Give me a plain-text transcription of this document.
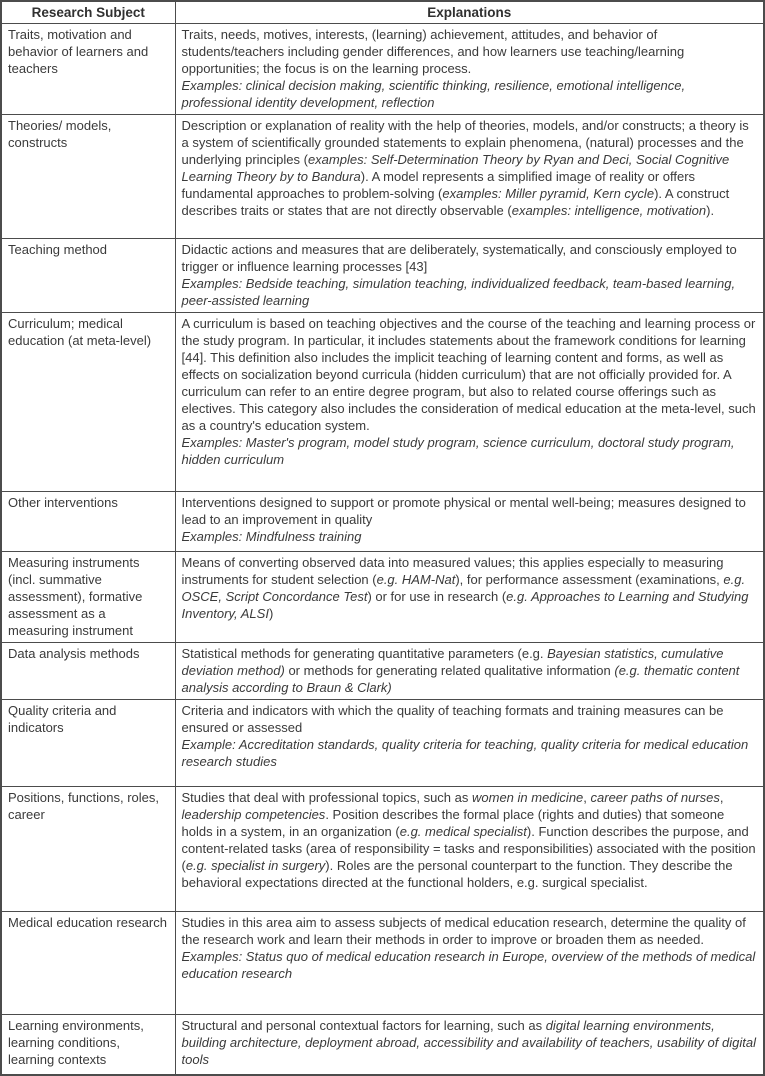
Research Subject	Explanations
Traits, motivation and behavior of learners and teachers	Traits, needs, motives, interests, (learning) achievement, attitudes, and behavior of students/teachers including gender differences, and how learners use teaching/learning opportunities; the focus is on the learning process.
Examples: clinical decision making, scientific thinking, resilience, emotional intelligence, professional identity development, reflection

Theories/ models, constructs	Description or explanation of reality with the help of theories, models, and/or constructs; a theory is a system of scientifically grounded statements to explain phenomena, (natural) processes and the underlying principles (examples: Self-Determination Theory by Ryan and Deci, Social Cognitive Learning Theory by to Bandura). A model represents a simplified image of reality or offers fundamental approaches to problem-solving (examples: Miller pyramid, Kern cycle). A construct describes traits or states that are not directly observable (examples: intelligence, motivation).

Teaching method	Didactic actions and measures that are deliberately, systematically, and consciously employed to trigger or influence learning processes [43]
Examples: Bedside teaching, simulation teaching, individualized feedback, team-based learning, peer-assisted learning

Curriculum; medical education (at meta-level)	A curriculum is based on teaching objectives and the course of the teaching and learning process or the study program. In particular, it includes statements about the framework conditions for learning [44]. This definition also includes the implicit teaching of learning content and forms, as well as effects on socialization beyond curricula (hidden curriculum) that are not officially provided for. A curriculum can refer to an entire degree program, but also to related course offerings such as electives. This category also includes the consideration of medical education at the meta-level, such as a country's education system.
Examples: Master's program, model study program, science curriculum, doctoral study program, hidden curriculum

Other interventions	Interventions designed to support or promote physical or mental well-being; measures designed to lead to an improvement in quality
Examples: Mindfulness training

Measuring instruments (incl. summative assessment), formative assessment as a measuring instrument	Means of converting observed data into measured values; this applies especially to measuring instruments for student selection (e.g. HAM-Nat), for performance assessment (examinations, e.g. OSCE, Script Concordance Test) or for use in research (e.g. Approaches to Learning and Studying Inventory, ALSI)

Data analysis methods	Statistical methods for generating quantitative parameters (e.g. Bayesian statistics, cumulative deviation method) or methods for generating related qualitative information (e.g. thematic content analysis according to Braun & Clark)

Quality criteria and indicators	Criteria and indicators with which the quality of teaching formats and training measures can be ensured or assessed
Example: Accreditation standards, quality criteria for teaching, quality criteria for medical education research studies

Positions, functions, roles, career	Studies that deal with professional topics, such as women in medicine, career paths of nurses, leadership competencies. Position describes the formal place (rights and duties) that someone holds in a system, in an organization (e.g. medical specialist). Function describes the purpose, and content-related tasks (area of responsibility = tasks and responsibilities) associated with the position (e.g. specialist in surgery). Roles are the personal counterpart to the function. They describe the behavioral expectations directed at the functional holders, e.g. surgical specialist.

Medical education research	Studies in this area aim to assess subjects of medical education research, determine the quality of the research work and learn their methods in order to improve or broaden them as needed.
Examples: Status quo of medical education research in Europe, overview of the methods of medical education research

Learning environments, learning conditions, learning contexts	Structural and personal contextual factors for learning, such as digital learning environments, building architecture, deployment abroad, accessibility and availability of teachers, usability of digital tools
